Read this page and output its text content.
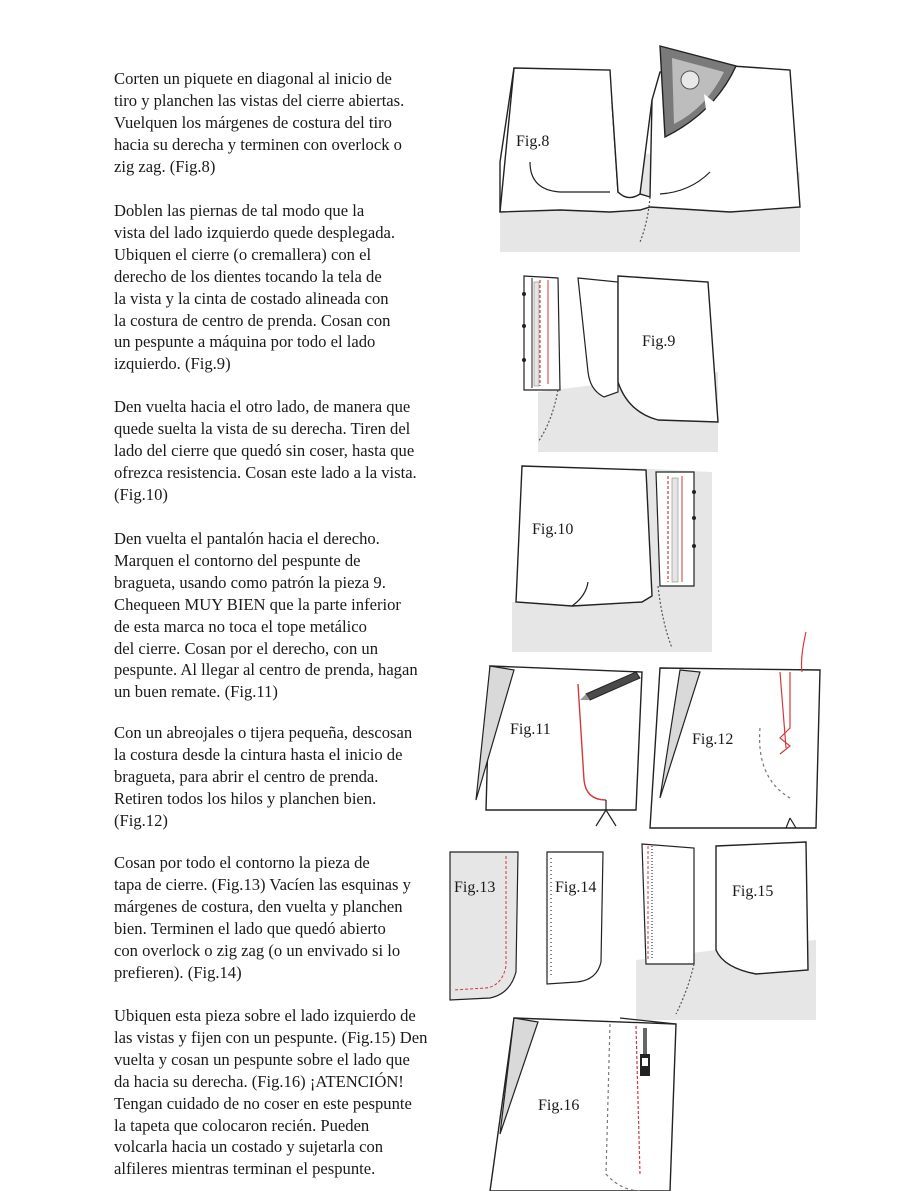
Corten un piquete en diagonal al inicio de
tiro y planchen las vistas del cierre abiertas.
Vuelquen los márgenes de costura del tiro
hacia su derecha y terminen con overlock o
zig zag. (Fig.8)

Doblen las piernas de tal modo que la
vista del lado izquierdo quede desplegada.
Ubiquen el cierre (o cremallera) con el
derecho de los dientes tocando la tela de
la vista y la cinta de costado alineada con
la costura de centro de prenda. Cosan con
un pespunte a máquina por todo el lado
izquierdo. (Fig.9)

Den vuelta hacia el otro lado, de manera que
quede suelta la vista de su derecha. Tiren del
lado del cierre que quedó sin coser, hasta que
ofrezca resistencia. Cosan este lado a la vista.
(Fig.10)

Den vuelta el pantalón hacia el derecho.
Marquen el contorno del pespunte de
bragueta, usando como patrón la pieza 9.
Chequeen MUY BIEN que la parte inferior
de esta marca no toca el tope metálico
del cierre. Cosan por el derecho, con un
pespunte. Al llegar al centro de prenda, hagan
un buen remate. (Fig.11)

Con un abreojales o tijera pequeña, descosan
la costura desde la cintura hasta el inicio de
bragueta, para abrir el centro de prenda.
Retiren todos los hilos y planchen bien.
(Fig.12)

Cosan por todo el contorno la pieza de
tapa de cierre. (Fig.13) Vacíen las esquinas y
márgenes de costura, den vuelta y planchen
bien. Terminen el lado que quedó abierto
con overlock o zig zag (o un envivado si lo
prefieren). (Fig.14)

Ubiquen esta pieza sobre el lado izquierdo de
las vistas y fijen con un pespunte. (Fig.15) Den
vuelta y cosan un pespunte sobre el lado que
da hacia su derecha. (Fig.16) ¡ATENCIÓN!
Tengan cuidado de no coser en este pespunte
la tapeta que colocaron recién. Pueden
volcarla hacia un costado y sujetarla con
alfileres mientras terminan el pespunte.

Fig.8
Fig.9
Fig.10
Fig.11
Fig.12
Fig.13	Fig.14	Fig.15
Fig.16
